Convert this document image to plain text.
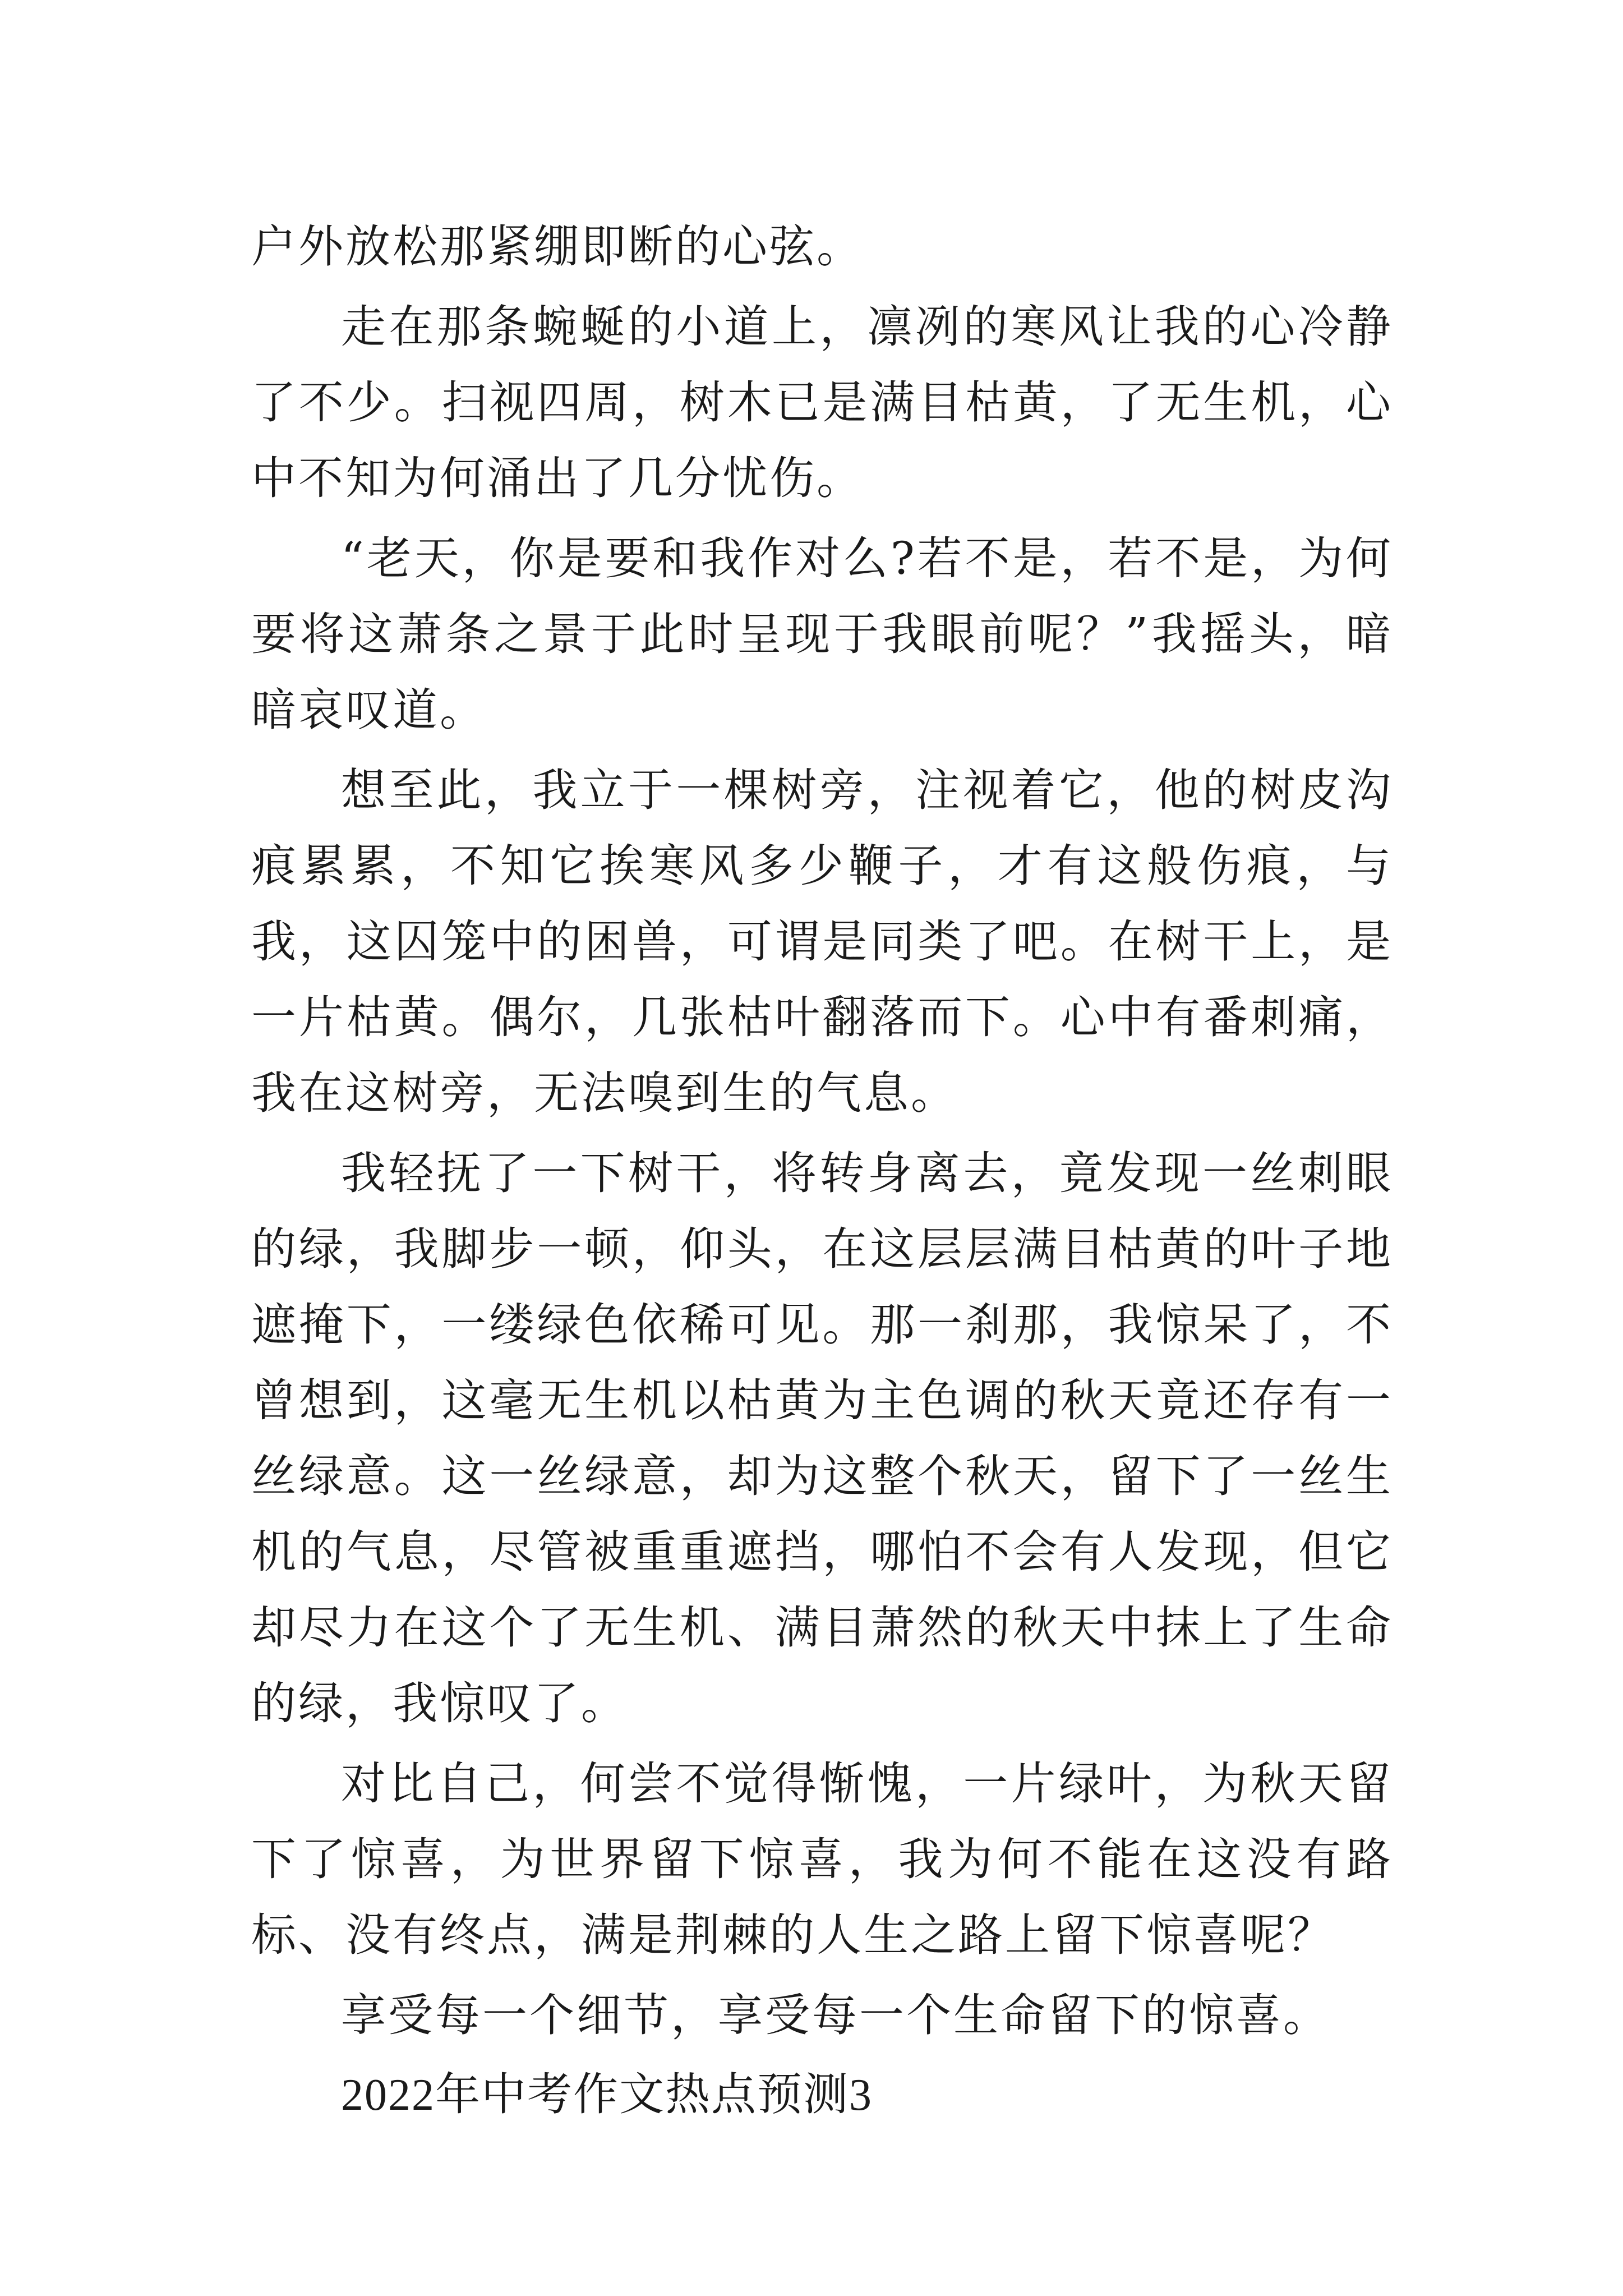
户外放松那紧绷即断的心弦。

走在那条蜿蜒的小道上，凛冽的寒风让我的心冷静了不少。扫视四周，树木已是满目枯黄，了无生机，心中不知为何涌出了几分忧伤。

“老天，你是要和我作对么?若不是，若不是，为何要将这萧条之景于此时呈现于我眼前呢？”我摇头，暗暗哀叹道。

想至此，我立于一棵树旁，注视着它，他的树皮沟痕累累，不知它挨寒风多少鞭子，才有这般伤痕，与我，这囚笼中的困兽，可谓是同类了吧。在树干上，是一片枯黄。偶尔，几张枯叶翻落而下。心中有番刺痛，我在这树旁，无法嗅到生的气息。

我轻抚了一下树干，将转身离去，竟发现一丝刺眼的绿，我脚步一顿，仰头，在这层层满目枯黄的叶子地遮掩下，一缕绿色依稀可见。那一刹那，我惊呆了，不曾想到，这毫无生机以枯黄为主色调的秋天竟还存有一丝绿意。这一丝绿意，却为这整个秋天，留下了一丝生机的气息，尽管被重重遮挡，哪怕不会有人发现，但它却尽力在这个了无生机、满目萧然的秋天中抹上了生命的绿，我惊叹了。

对比自己，何尝不觉得惭愧，一片绿叶，为秋天留下了惊喜，为世界留下惊喜，我为何不能在这没有路标、没有终点，满是荆棘的人生之路上留下惊喜呢？

享受每一个细节，享受每一个生命留下的惊喜。

2022年中考作文热点预测3
